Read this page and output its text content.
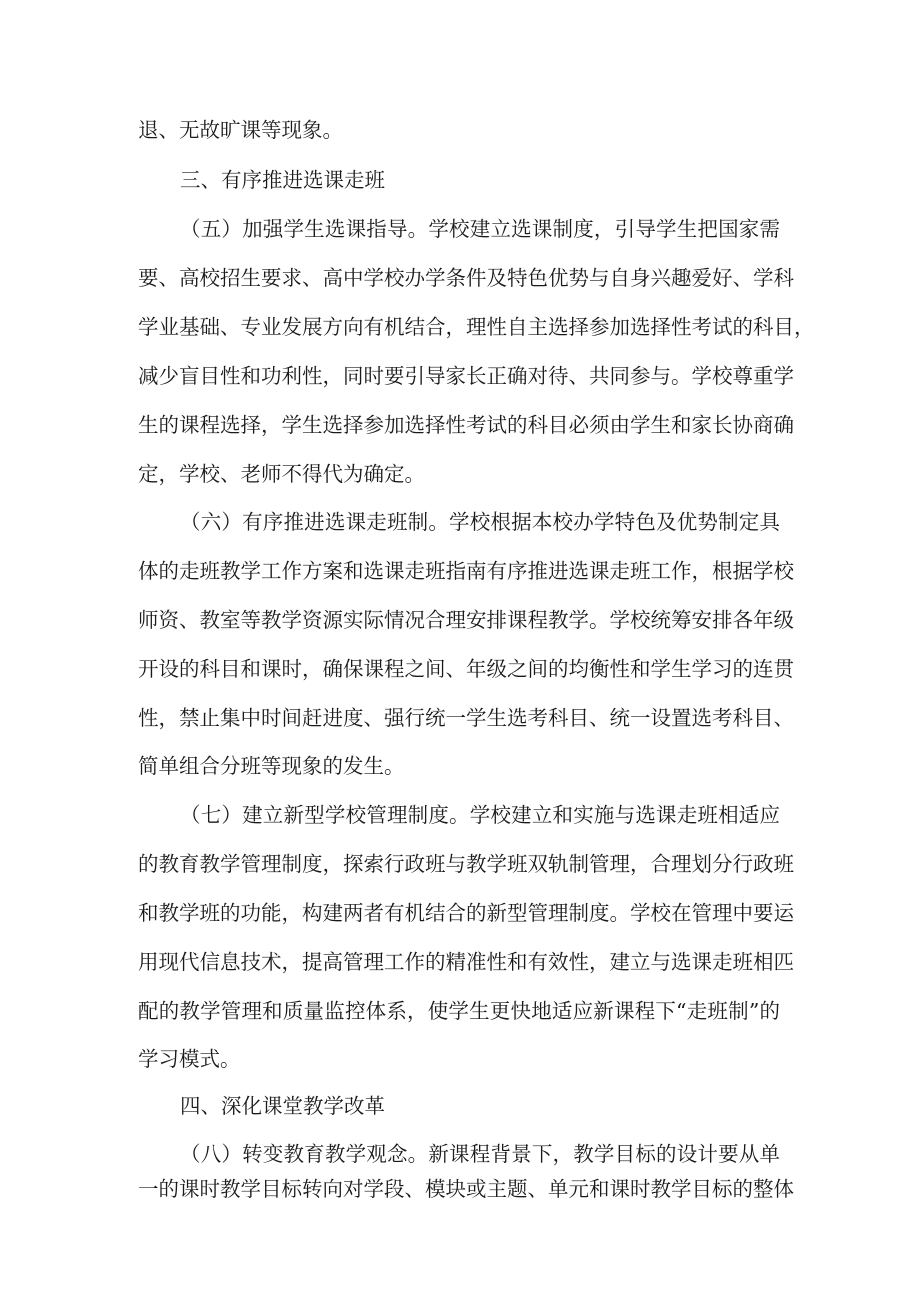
退、无故旷课等现象。

三、有序推进选课走班

（五）加强学生选课指导。学校建立选课制度，引导学生把国家需

要、高校招生要求、高中学校办学条件及特色优势与自身兴趣爱好、学科

学业基础、专业发展方向有机结合，理性自主选择参加选择性考试的科目，

减少盲目性和功利性，同时要引导家长正确对待、共同参与。学校尊重学

生的课程选择，学生选择参加选择性考试的科目必须由学生和家长协商确

定，学校、老师不得代为确定。

（六）有序推进选课走班制。学校根据本校办学特色及优势制定具

体的走班教学工作方案和选课走班指南有序推进选课走班工作，根据学校

师资、教室等教学资源实际情况合理安排课程教学。学校统筹安排各年级

开设的科目和课时，确保课程之间、年级之间的均衡性和学生学习的连贯

性，禁止集中时间赶进度、强行统一学生选考科目、统一设置选考科目、

简单组合分班等现象的发生。

（七）建立新型学校管理制度。学校建立和实施与选课走班相适应

的教育教学管理制度，探索行政班与教学班双轨制管理，合理划分行政班

和教学班的功能，构建两者有机结合的新型管理制度。学校在管理中要运

用现代信息技术，提高管理工作的精准性和有效性，建立与选课走班相匹

配的教学管理和质量监控体系，使学生更快地适应新课程下“走班制”的

学习模式。

四、深化课堂教学改革

（八）转变教育教学观念。新课程背景下，教学目标的设计要从单

一的课时教学目标转向对学段、模块或主题、单元和课时教学目标的整体
